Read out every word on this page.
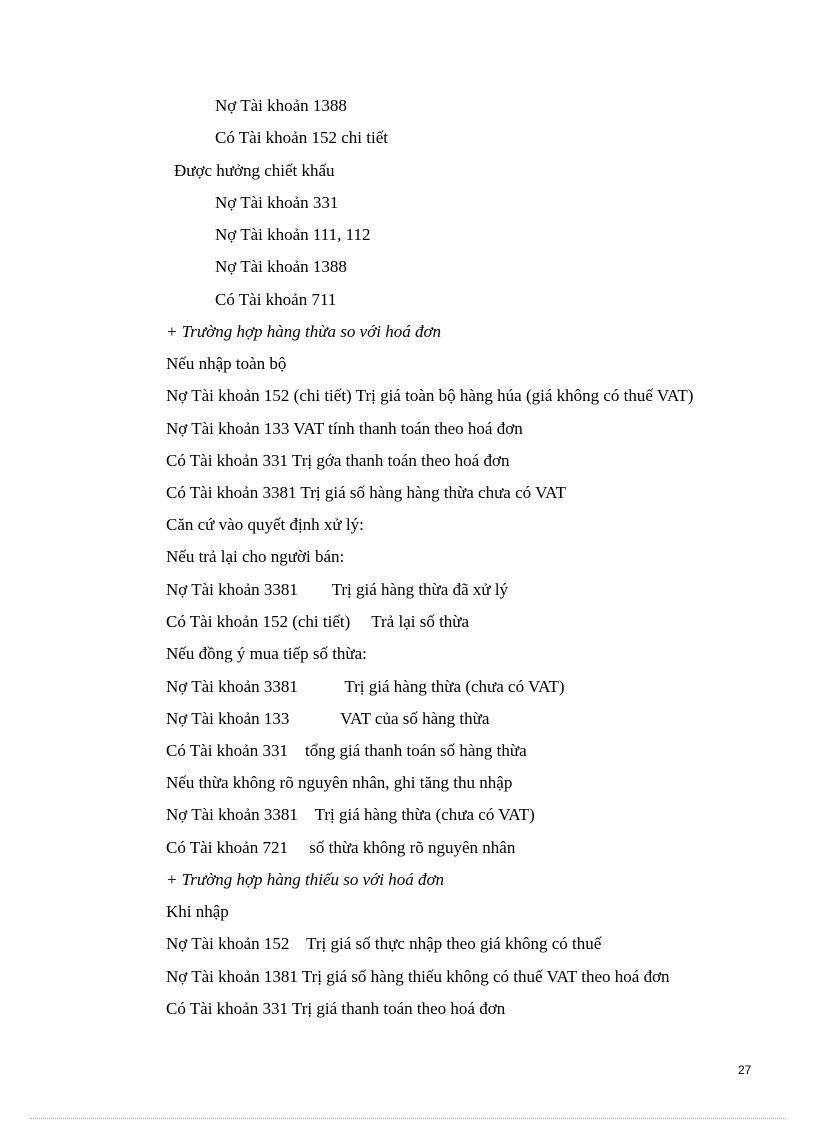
Nợ Tài khoản 1388
Có Tài khoản 152 chi tiết
Được hưởng chiết khấu
Nợ Tài khoản 331
Nợ Tài khoản 111, 112
Nợ Tài khoản 1388
Có Tài khoản 711
+ Trường hợp hàng thừa so với hoá đơn
Nếu nhập toàn bộ
Nợ Tài khoản 152 (chi tiết) Trị giá toàn bộ hàng húa (giá không có thuế VAT)
Nợ Tài khoản 133 VAT tính thanh toán theo hoá đơn
Có Tài khoản 331 Trị gớa thanh toán theo hoá đơn
Có Tài khoản 3381 Trị giá số hàng hàng thừa chưa có VAT
Căn cứ vào quyết định xử lý:
Nếu trả lại cho người bán:
Nợ Tài khoản 3381        Trị giá hàng thừa đã xử lý
Có Tài khoản 152 (chi tiết)     Trả lại số thừa
Nếu đồng ý mua tiếp số thừa:
Nợ Tài khoản 3381           Trị giá hàng thừa (chưa có VAT)
Nợ Tài khoản 133            VAT của số hàng thừa
Có Tài khoản 331    tổng giá thanh toán số hàng thừa
Nếu thừa không rõ nguyên nhân, ghi tăng thu nhập
Nợ Tài khoản 3381    Trị giá hàng thừa (chưa có VAT)
Có Tài khoản 721     số thừa không rõ nguyên nhân
+ Trường hợp hàng thiếu so với hoá đơn
Khi nhập
Nợ Tài khoản 152    Trị giá số thực nhập theo giá không có thuế
Nợ Tài khoản 1381 Trị giá số hàng thiếu không có thuế VAT theo hoá đơn
Có Tài khoản 331 Trị giá thanh toán theo hoá đơn
27
